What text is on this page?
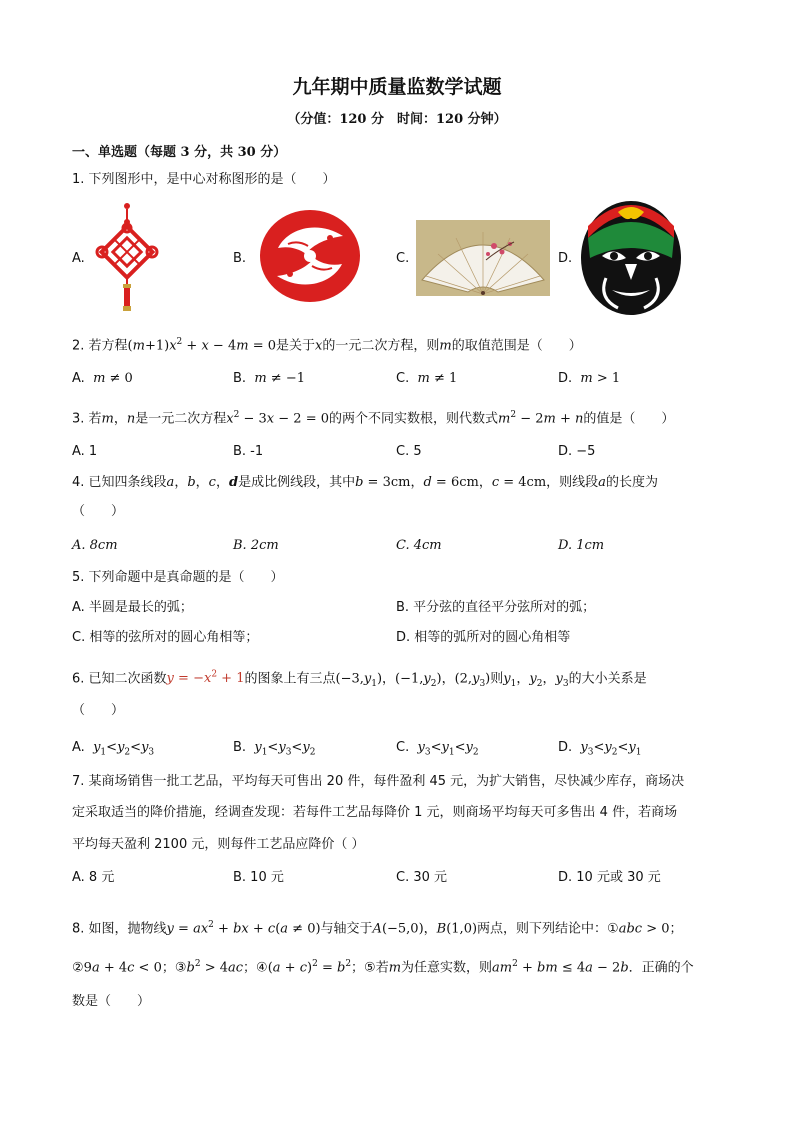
九年期中质量监数学试题
（分值：120 分　时间：120 分钟）
一、单选题（每题 3 分，共 30 分）
1. 下列图形中，是中心对称图形的是（　　）
A.	B.	C.	D.
2. 若方程$(m+1)x^2 + x - 4m = 0$是关于x的一元二次方程，则m的取值范围是（　　）
A. m ≠ 0	B. m ≠ −1	C. m ≠ 1	D. m > 1
3. 若m，n是一元二次方程$x^2 - 3x - 2 = 0$的两个不同实数根，则代数式$m^2 - 2m + n$的值是（　　）
A. 1	B. -1	C. 5	D. −5
4. 已知四条线段a，b，c，d是成比例线段，其中b = 3cm，d = 6cm，c = 4cm，则线段a的长度为
（　　）
A. 8cm	B. 2cm	C. 4cm	D. 1cm
5. 下列命题中是真命题的是（　　）
A. 半圆是最长的弧；	B. 平分弦的直径平分弦所对的弧；
C. 相等的弦所对的圆心角相等；	D. 相等的弧所对的圆心角相等
6. 已知二次函数$y = -x^2 + 1$的图象上有三点$(-3,y_1)$，$(-1,y_2)$，$(2,y_3)$则$y_1$，$y_2$，$y_3$的大小关系是
（　　）
A. $y_1<y_2<y_3$	B. $y_1<y_3<y_2$	C. $y_3<y_1<y_2$	D. $y_3<y_2<y_1$
7. 某商场销售一批工艺品，平均每天可售出 20 件，每件盈利 45 元，为扩大销售，尽快减少库存，商场决
定采取适当的降价措施，经调查发现：若每件工艺品每降价 1 元，则商场平均每天可多售出 4 件，若商场
平均每天盈利 2100 元，则每件工艺品应降价（ ）
A. 8 元	B. 10 元	C. 30 元	D. 10 元或 30 元
8. 如图，抛物线$y = ax^2$ + bx + c(a ≠ 0)与轴交于A(−5,0)，B(1,0)两点，则下列结论中：①abc > 0；
②9a + 4c < 0；$③b^2 > 4ac$；④(a + $c)^2 = b^2$；⑤若m为任意实数，则$am^2$ + bm ≤ 4a − 2b．正确的个
数是（　　）
